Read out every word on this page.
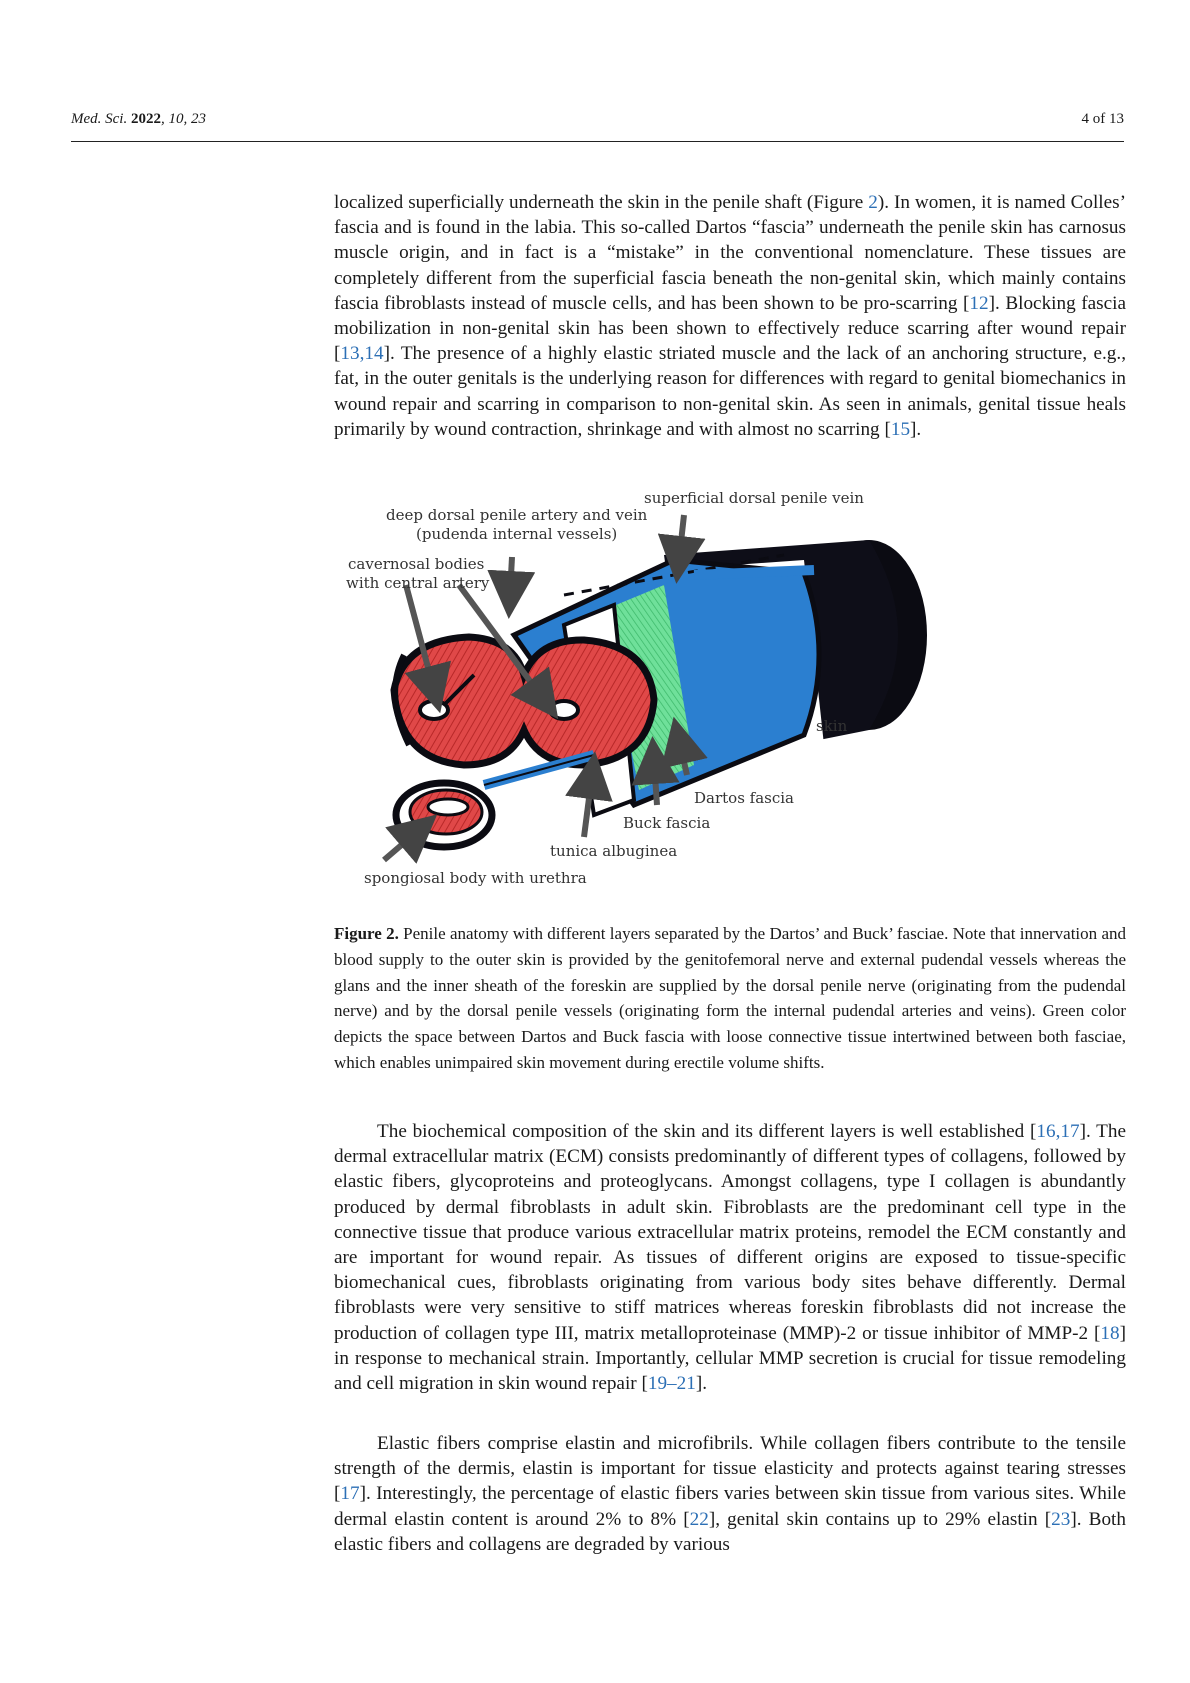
Med. Sci. 2022, 10, 23	4 of 13

localized superficially underneath the skin in the penile shaft (Figure 2). In women, it is named Colles’ fascia and is found in the labia. This so-called Dartos “fascia” underneath the penile skin has carnosus muscle origin, and in fact is a “mistake” in the conventional nomenclature. These tissues are completely different from the superficial fascia beneath the non-genital skin, which mainly contains fascia fibroblasts instead of muscle cells, and has been shown to be pro-scarring [12]. Blocking fascia mobilization in non-genital skin has been shown to effectively reduce scarring after wound repair [13,14]. The presence of a highly elastic striated muscle and the lack of an anchoring structure, e.g., fat, in the outer genitals is the underlying reason for differences with regard to genital biomechanics in wound repair and scarring in comparison to non-genital skin. As seen in animals, genital tissue heals primarily by wound contraction, shrinkage and with almost no scarring [15].

superficial dorsal penile vein
deep dorsal penile artery and vein
(pudenda internal vessels)
cavernosal bodies
with central artery
skin
Dartos fascia
Buck fascia
tunica albuginea
spongiosal body with urethra
Figure 2. Penile anatomy with different layers separated by the Dartos’ and Buck’ fasciae. Note that innervation and blood supply to the outer skin is provided by the genitofemoral nerve and external pudendal vessels whereas the glans and the inner sheath of the foreskin are supplied by the dorsal penile nerve (originating from the pudendal nerve) and by the dorsal penile vessels (originating form the internal pudendal arteries and veins). Green color depicts the space between Dartos and Buck fascia with loose connective tissue intertwined between both fasciae, which enables unimpaired skin movement during erectile volume shifts.

The biochemical composition of the skin and its different layers is well established [16,17]. The dermal extracellular matrix (ECM) consists predominantly of different types of collagens, followed by elastic fibers, glycoproteins and proteoglycans. Amongst collagens, type I collagen is abundantly produced by dermal fibroblasts in adult skin. Fibroblasts are the predominant cell type in the connective tissue that produce various extracellular matrix proteins, remodel the ECM constantly and are important for wound repair. As tissues of different origins are exposed to tissue-specific biomechanical cues, fibroblasts originating from various body sites behave differently. Dermal fibroblasts were very sensitive to stiff matrices whereas foreskin fibroblasts did not increase the production of collagen type III, matrix metalloproteinase (MMP)-2 or tissue inhibitor of MMP-2 [18] in response to mechanical strain. Importantly, cellular MMP secretion is crucial for tissue remodeling and cell migration in skin wound repair [19–21].

Elastic fibers comprise elastin and microfibrils. While collagen fibers contribute to the tensile strength of the dermis, elastin is important for tissue elasticity and protects against tearing stresses [17]. Interestingly, the percentage of elastic fibers varies between skin tissue from various sites. While dermal elastin content is around 2% to 8% [22], genital skin contains up to 29% elastin [23]. Both elastic fibers and collagens are degraded by various
